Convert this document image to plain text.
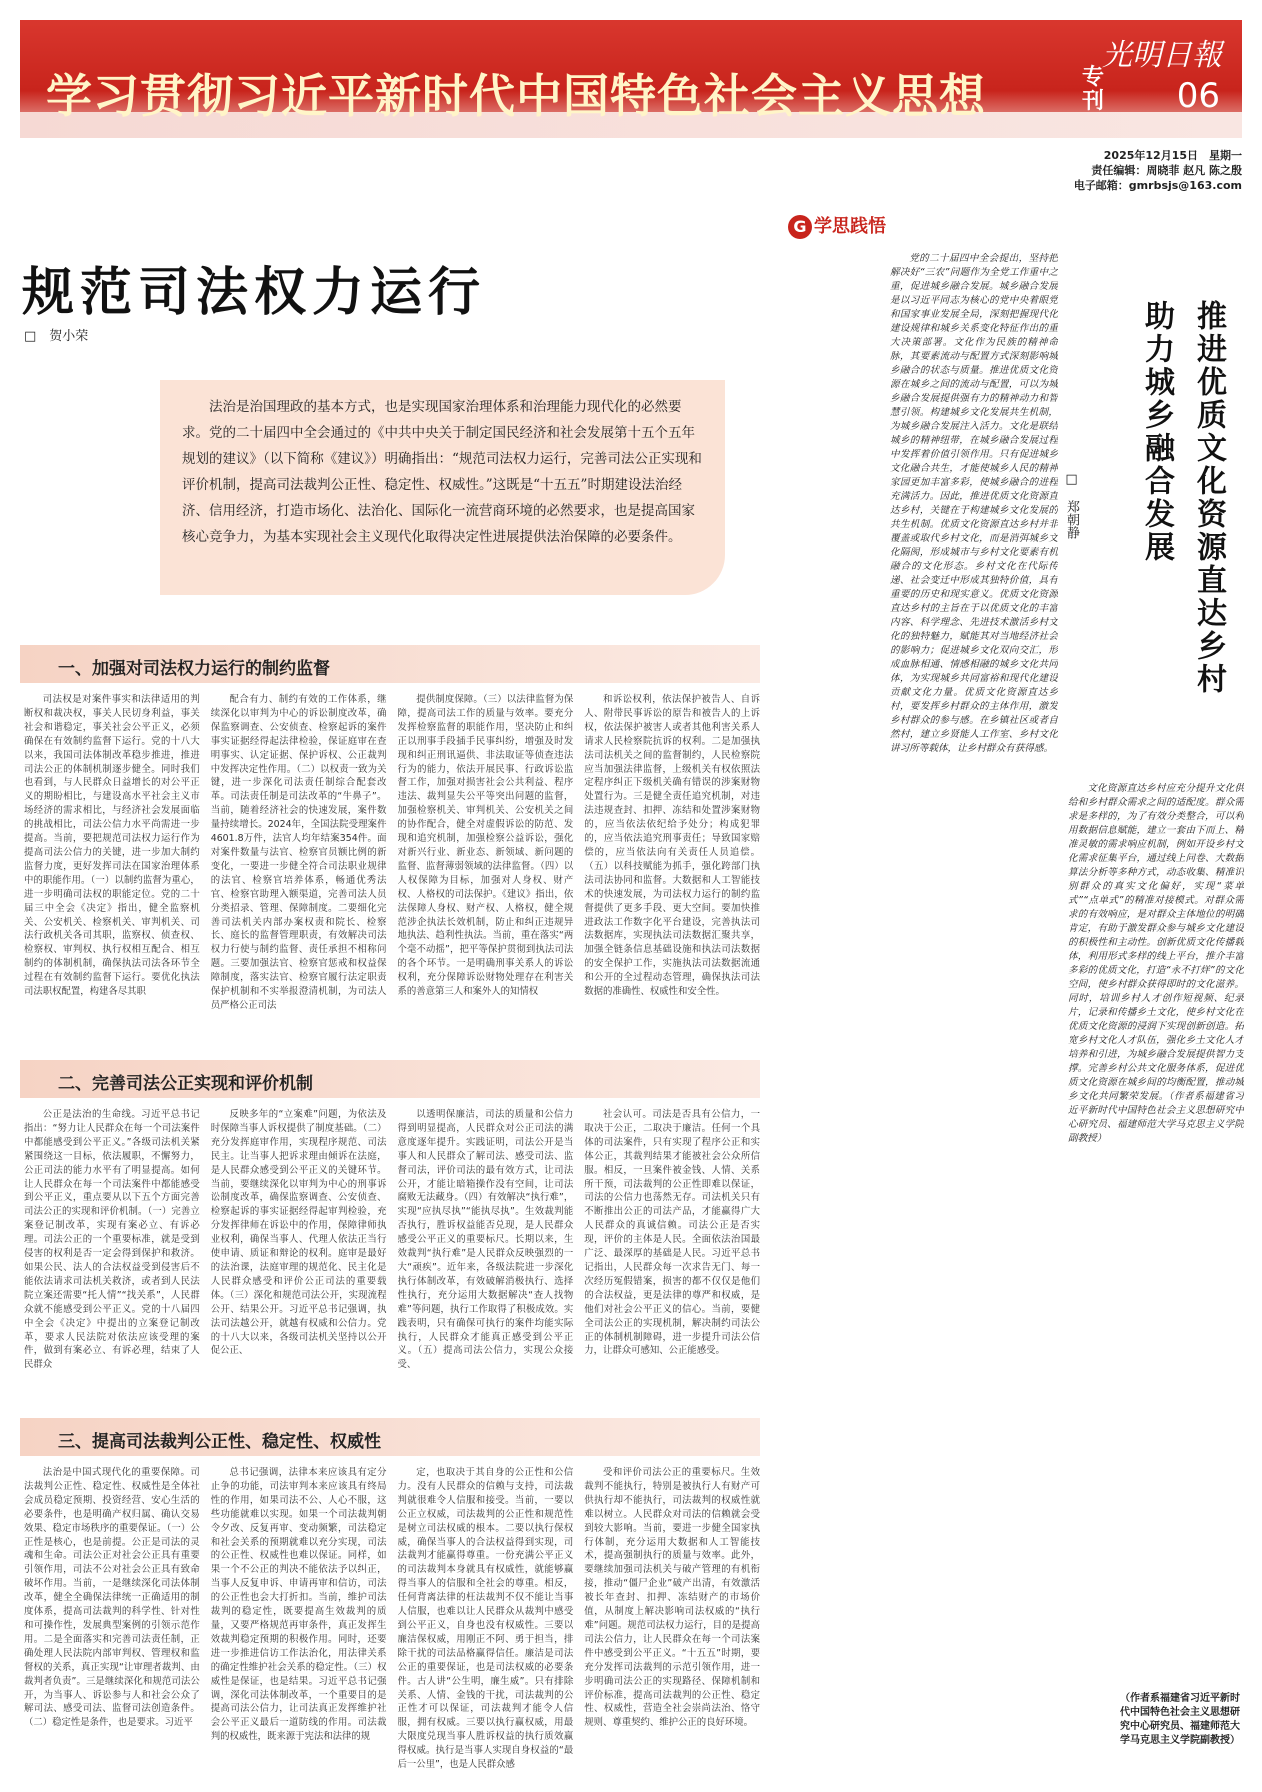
学习贯彻习近平新时代中国特色社会主义思想	专刊
光明日報
06
2025年12月15日　星期一
责任编辑：周晓菲 赵凡 陈之殷
电子邮箱：gmrbsjs@163.com
规范司法权力运行
□　贺小荣

法治是治国理政的基本方式，也是实现国家治理体系和治理能力现代化的必然要求。党的二十届四中全会通过的《中共中央关于制定国民经济和社会发展第十五个五年规划的建议》（以下简称《建议》）明确指出：“规范司法权力运行，完善司法公正实现和评价机制，提高司法裁判公正性、稳定性、权威性。”这既是“十五五”时期建设法治经济、信用经济，打造市场化、法治化、国际化一流营商环境的必然要求，也是提高国家核心竞争力，为基本实现社会主义现代化取得决定性进展提供法治保障的必要条件。

一、加强对司法权力运行的制约监督

司法权是对案件事实和法律适用的判断权和裁决权，事关人民切身利益，事关社会和谐稳定，事关社会公平正义，必须确保在有效制约监督下运行。党的十八大以来，我国司法体制改革稳步推进，推进司法公正的体制机制逐步健全。同时我们也看到，与人民群众日益增长的对公平正义的期盼相比，与建设高水平社会主义市场经济的需求相比，与经济社会发展面临的挑战相比，司法公信力水平尚需进一步提高。当前，要把规范司法权力运行作为提高司法公信力的关键，进一步加大制约监督力度，更好发挥司法在国家治理体系中的职能作用。（一）以制约监督为重心，进一步明确司法权的职能定位。党的二十届三中全会《决定》指出，健全监察机关、公安机关、检察机关、审判机关、司法行政机关各司其职，监察权、侦查权、检察权、审判权、执行权相互配合、相互制约的体制机制，确保执法司法各环节全过程在有效制约监督下运行。要优化执法司法职权配置，构建各尽其职

配合有力、制约有效的工作体系，继续深化以审判为中心的诉讼制度改革，确保监察调查、公安侦查、检察起诉的案件事实证据经得起法律检验，保证庭审在查明事实、认定证据、保护诉权、公正裁判中发挥决定性作用。（二）以权责一致为关键，进一步深化司法责任制综合配套改革。司法责任制是司法改革的“牛鼻子”。当前，随着经济社会的快速发展，案件数量持续增长。2024年，全国法院受理案件4601.8万件，法官人均年结案354件。面对案件数量与法官、检察官员额比例的新变化，一要进一步健全符合司法职业规律的法官、检察官培养体系，畅通优秀法官、检察官助理入额渠道，完善司法人员分类招录、管理、保障制度。二要细化完善司法机关内部办案权责和院长、检察长、庭长的监督管理职责，有效解决司法权力行使与制约监督、责任承担不相称问题。三要加强法官、检察官惩戒和权益保障制度，落实法官、检察官履行法定职责保护机制和不实举报澄清机制，为司法人员严格公正司法

提供制度保障。（三）以法律监督为保障，提高司法工作的质量与效率。要充分发挥检察监督的职能作用，坚决防止和纠正以刑事手段插手民事纠纷，增强及时发现和纠正刑讯逼供、非法取证等侦查违法行为的能力，依法开展民事、行政诉讼监督工作，加强对损害社会公共利益、程序违法、裁判显失公平等突出问题的监督，加强检察机关、审判机关、公安机关之间的协作配合，健全对虚假诉讼的防范、发现和追究机制，加强检察公益诉讼，强化对新兴行业、新业态、新领域、新问题的监督、监督薄弱领域的法律监督。（四）以人权保障为目标，加强对人身权、财产权、人格权的司法保护。《建议》指出，依法保障人身权、财产权、人格权，健全规范涉企执法长效机制，防止和纠正违规异地执法、趋利性执法。当前，重在落实“两个毫不动摇”，把平等保护贯彻到执法司法的各个环节。一是明确刑事关系人的诉讼权利，充分保障诉讼财物处理存在利害关系的善意第三人和案外人的知情权

和诉讼权利，依法保护被告人、自诉人、附带民事诉讼的原告和被告人的上诉权，依法保护被害人或者其他利害关系人请求人民检察院抗诉的权利。二是加强执法司法机关之间的监督制约，人民检察院应当加强法律监督，上级机关有权依照法定程序纠正下级机关确有错误的涉案财物处置行为。三是健全责任追究机制，对违法违规查封、扣押、冻结和处置涉案财物的，应当依法依纪给予处分；构成犯罪的，应当依法追究刑事责任；导致国家赔偿的，应当依法向有关责任人员追偿。（五）以科技赋能为抓手，强化跨部门执法司法协同和监督。大数据和人工智能技术的快速发展，为司法权力运行的制约监督提供了更多手段、更大空间。要加快推进政法工作数字化平台建设，完善执法司法数据库，实现执法司法数据汇聚共享，加强全链条信息基础设施和执法司法数据的安全保护工作，实施执法司法数据流通和公开的全过程动态管理，确保执法司法数据的准确性、权威性和安全性。

二、完善司法公正实现和评价机制

公正是法治的生命线。习近平总书记指出：“努力让人民群众在每一个司法案件中都能感受到公平正义。”各级司法机关紧紧围绕这一目标，依法履职，不懈努力，公正司法的能力水平有了明显提高。如何让人民群众在每一个司法案件中都能感受到公平正义，重点要从以下五个方面完善司法公正的实现和评价机制。（一）完善立案登记制改革，实现有案必立、有诉必理。司法公正的一个重要标准，就是受到侵害的权利是否一定会得到保护和救济。如果公民、法人的合法权益受到侵害后不能依法请求司法机关救济，或者到人民法院立案还需要“托人情”“找关系”，人民群众就不能感受到公平正义。党的十八届四中全会《决定》中提出的立案登记制改革，要求人民法院对依法应该受理的案件，做到有案必立、有诉必理，结束了人民群众

反映多年的“立案难”问题，为依法及时保障当事人诉权提供了制度基础。（二）充分发挥庭审作用，实现程序规范、司法民主。让当事人把诉求理由倾诉在法庭，是人民群众感受到公平正义的关键环节。当前，要继续深化以审判为中心的刑事诉讼制度改革，确保监察调查、公安侦查、检察起诉的事实证据经得起审判检验，充分发挥律师在诉讼中的作用，保障律师执业权利，确保当事人、代理人依法正当行使申请、质证和辩论的权利。庭审是最好的法治课，法庭审理的规范化、民主化是人民群众感受和评价公正司法的重要载体。（三）深化和规范司法公开，实现流程公开、结果公开。习近平总书记强调，执法司法越公开，就越有权威和公信力。党的十八大以来，各级司法机关坚持以公开促公正、

以透明保廉洁，司法的质量和公信力得到明显提高，人民群众对公正司法的满意度逐年提升。实践证明，司法公开是当事人和人民群众了解司法、感受司法、监督司法，评价司法的最有效方式，让司法公开，才能让暗箱操作没有空间，让司法腐败无法藏身。（四）有效解决“执行难”，实现“应执尽执”“能执尽执”。生效裁判能否执行，胜诉权益能否兑现，是人民群众感受公平正义的重要标尺。长期以来，生效裁判“执行难”是人民群众反映强烈的一大“顽疾”。近年来，各级法院进一步深化执行体制改革，有效破解消极执行、选择性执行，充分运用大数据解决“查人找物难”等问题，执行工作取得了积极成效。实践表明，只有确保可执行的案件均能实际执行，人民群众才能真正感受到公平正义。（五）提高司法公信力，实现公众接受、

社会认可。司法是否具有公信力，一取决于公正，二取决于廉洁。任何一个具体的司法案件，只有实现了程序公正和实体公正，其裁判结果才能被社会公众所信服。相反，一旦案件被金钱、人情、关系所干预，司法裁判的公正性即难以保证，司法的公信力也荡然无存。司法机关只有不断推出公正的司法产品，才能赢得广大人民群众的真诚信赖。司法公正是否实现，评价的主体是人民。全面依法治国最广泛、最深厚的基础是人民。习近平总书记指出，人民群众每一次求告无门、每一次经历冤假错案，损害的都不仅仅是他们的合法权益，更是法律的尊严和权威，是他们对社会公平正义的信心。当前，要健全司法公正的实现机制，解决制约司法公正的体制机制障碍，进一步提升司法公信力，让群众可感知、公正能感受。

三、提高司法裁判公正性、稳定性、权威性

法治是中国式现代化的重要保障。司法裁判公正性、稳定性、权威性是全体社会成员稳定预期、投资经营、安心生活的必要条件，也是明确产权归属、确认交易效果、稳定市场秩序的重要保证。（一）公正性是核心，也是前提。公正是司法的灵魂和生命。司法公正对社会公正具有重要引领作用，司法不公对社会公正具有致命破坏作用。当前，一是继续深化司法体制改革，健全全确保法律统一正确适用的制度体系，提高司法裁判的科学性、针对性和可操作性，发展典型案例的引领示范作用。二是全面落实和完善司法责任制，正确处理人民法院内部审判权、管理权和监督权的关系，真正实现“让审理者裁判、由裁判者负责”。三是继续深化和规范司法公开，为当事人、诉讼参与人和社会公众了解司法、感受司法、监督司法创造条件。（二）稳定性是条件，也是要求。习近平

总书记强调，法律本来应该具有定分止争的功能，司法审判本来应该具有终局性的作用，如果司法不公、人心不服，这些功能就难以实现。如果一个司法裁判朝令夕改、反复再审、变动频繁，司法稳定和社会关系的预期就难以充分实现，司法的公正性、权威性也难以保证。同样，如果一个不公正的判决不能依法予以纠正，当事人反复申诉、申请再审和信访，司法的公正性也会大打折扣。当前，维护司法裁判的稳定性，既要提高生效裁判的质量，又要严格规范再审条件，真正发挥生效裁判稳定预期的积极作用。同时，还要进一步推进信访工作法治化，用法律关系的确定性维护社会关系的稳定性。（三）权威性是保证，也是结果。习近平总书记强调，深化司法体制改革，一个重要目的是提高司法公信力，让司法真正发挥维护社会公平正义最后一道防线的作用。司法裁判的权威性，既来源于宪法和法律的规

定，也取决于其自身的公正性和公信力。没有人民群众的信赖与支持，司法裁判就很难令人信服和接受。当前，一要以公正立权威，司法裁判的公正性和规范性是树立司法权威的根本。二要以执行保权威，确保当事人的合法权益得到实现，司法裁判才能赢得尊重。一份充满公平正义的司法裁判本身就具有权威性，就能够赢得当事人的信服和全社会的尊重。相反，任何背离法律的枉法裁判不仅不能让当事人信服，也难以让人民群众从裁判中感受到公平正义，自身也没有权威性。三要以廉洁保权威，用刚正不阿、勇于担当，排除干扰的司法品格赢得信任。廉洁是司法公正的重要保证，也是司法权威的必要条件。古人讲“公生明，廉生威”。只有排除关系、人情、金钱的干扰，司法裁判的公正性才可以保证，司法裁判才能令人信服，拥有权威。三要以执行赢权威，用最大限度兑现当事人胜诉权益的执行质效赢得权威。执行是当事人实现自身权益的“最后一公里”，也是人民群众感

受和评价司法公正的重要标尺。生效裁判不能执行，特别是被执行人有财产可供执行却不能执行，司法裁判的权威性就难以树立。人民群众对司法的信赖就会受到较大影响。当前，要进一步健全国家执行体制，充分运用大数据和人工智能技术，提高强制执行的质量与效率。此外，要继续加强司法机关与破产管理的有机衔接，推动“僵尸企业”破产出清，有效激活被长年查封、扣押、冻结财产的市场价值，从制度上解决影响司法权威的“执行难”问题。规范司法权力运行，目的是提高司法公信力，让人民群众在每一个司法案件中感受到公平正义。“十五五”时期，要充分发挥司法裁判的示范引领作用，进一步明确司法公正的实现路径、保障机制和评价标准，提高司法裁判的公正性、稳定性、权威性，营造全社会崇尚法治、恪守规则、尊重契约、维护公正的良好环境。

G 学思践悟
推进优质文化资源直达乡村
助力城乡融合发展
□　郑朝静

党的二十届四中全会提出，坚持把解决好“三农”问题作为全党工作重中之重，促进城乡融合发展。城乡融合发展是以习近平同志为核心的党中央着眼党和国家事业发展全局，深刻把握现代化建设规律和城乡关系变化特征作出的重大决策部署。文化作为民族的精神命脉，其要素流动与配置方式深刻影响城乡融合的状态与质量。推进优质文化资源在城乡之间的流动与配置，可以为城乡融合发展提供强有力的精神动力和智慧引领。构建城乡文化发展共生机制，为城乡融合发展注入活力。文化是联结城乡的精神纽带，在城乡融合发展过程中发挥着价值引领作用。只有促进城乡文化融合共生，才能使城乡人民的精神家园更加丰富多彩，使城乡融合的进程充满活力。因此，推进优质文化资源直达乡村，关键在于构建城乡文化发展的共生机制。优质文化资源直达乡村并非覆盖或取代乡村文化，而是消弭城乡文化隔阂，形成城市与乡村文化要素有机融合的文化形态。乡村文化在代际传递、社会变迁中形成其独特价值，具有重要的历史和现实意义。优质文化资源直达乡村的主旨在于以优质文化的丰富内容、科学理念、先进技术激活乡村文化的独特魅力，赋能其对当地经济社会的影响力；促进城乡文化双向交汇，形成血脉相通、情感相融的城乡文化共同体，为实现城乡共同富裕和现代化建设贡献文化力量。优质文化资源直达乡村，要发挥乡村群众的主体作用，激发乡村群众的参与感。在乡镇社区或者自然村，建立乡贤能人工作室、乡村文化讲习所等载体，让乡村群众有获得感。

文化资源直达乡村应充分提升文化供给和乡村群众需求之间的适配度。群众需求是多样的，为了有效分类整合，可以利用数据信息赋能，建立一套由下而上、精准灵敏的需求响应机制，例如开设乡村文化需求征集平台，通过线上问卷、大数据算法分析等多种方式，动态收集、精准识别群众的真实文化偏好，实现“菜单式”“点单式”的精准对接模式。对群众需求的有效响应，是对群众主体地位的明确肯定，有助于激发群众参与城乡文化建设的积极性和主动性。创新优质文化传播载体，利用形式多样的线上平台，推介丰富多彩的优质文化，打造“永不打烊”的文化空间，使乡村群众获得即时的文化滋养。同时，培训乡村人才创作短视频、纪录片，记录和传播乡土文化，使乡村文化在优质文化资源的浸润下实现创新创造。拓宽乡村文化人才队伍，强化乡土文化人才培养和引进，为城乡融合发展提供智力支撑。完善乡村公共文化服务体系，促进优质文化资源在城乡间的均衡配置，推动城乡文化共同繁荣发展。（作者系福建省习近平新时代中国特色社会主义思想研究中心研究员、福建师范大学马克思主义学院副教授）

（作者系福建省习近平新时代中国特色社会主义思想研究中心研究员、福建师范大学马克思主义学院副教授）
